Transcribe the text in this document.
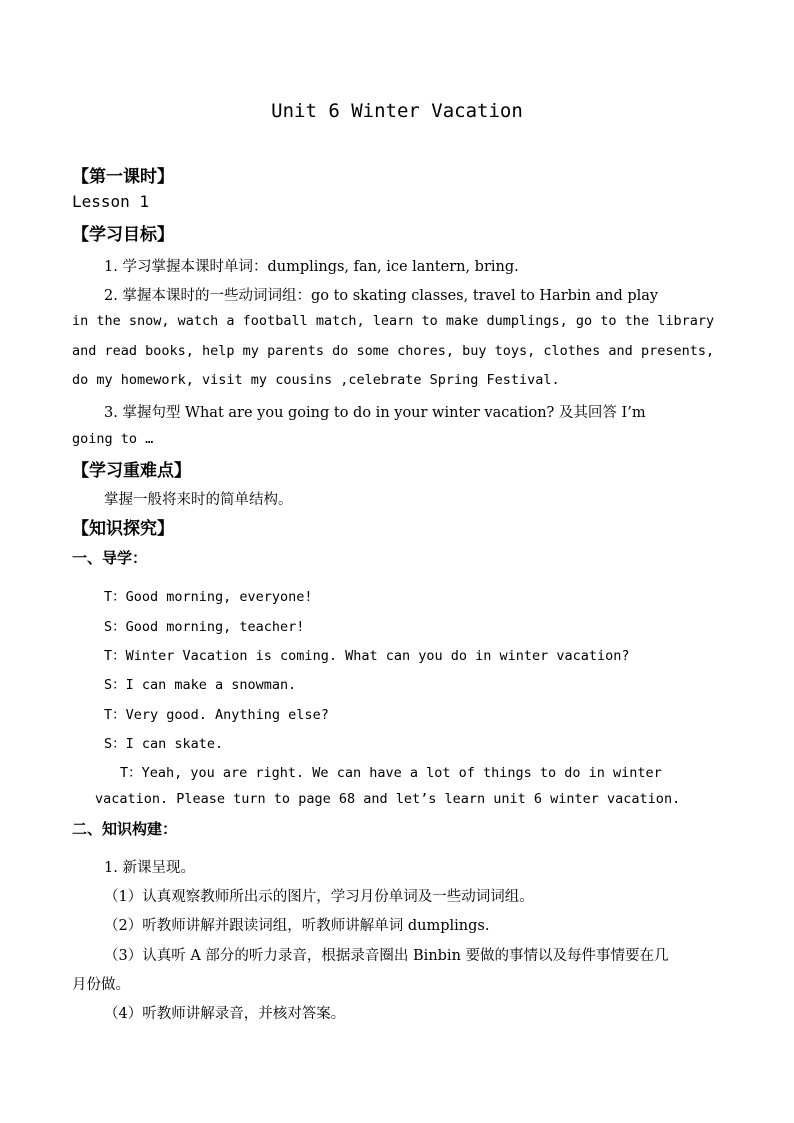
Unit 6 Winter Vacation
【第一课时】
Lesson 1
【学习目标】
1. 学习掌握本课时单词：dumplings, fan, ice lantern, bring.
2. 掌握本课时的一些动词词组：go to skating classes, travel to Harbin and play
in the snow, watch a football match, learn to make dumplings, go to the library
and read books, help my parents do some chores, buy toys, clothes and presents,
do my homework, visit my cousins ,celebrate Spring Festival.
3. 掌握句型 What are you going to do in your winter vacation? 及其回答 I’m
going to …
【学习重难点】
掌握一般将来时的简单结构。
【知识探究】
一、导学：
T：Good morning, everyone!
S：Good morning, teacher!
T：Winter Vacation is coming. What can you do in winter vacation?
S：I can make a snowman.
T：Very good. Anything else?
S：I can skate.
T：Yeah, you are right. We can have a lot of things to do in winter
vacation. Please turn to page 68 and let’s learn unit 6 winter vacation.
二、知识构建：
1. 新课呈现。
（1）认真观察教师所出示的图片，学习月份单词及一些动词词组。
（2）听教师讲解并跟读词组，听教师讲解单词 dumplings.
（3）认真听 A 部分的听力录音，根据录音圈出 Binbin 要做的事情以及每件事情要在几
月份做。
（4）听教师讲解录音，并核对答案。
